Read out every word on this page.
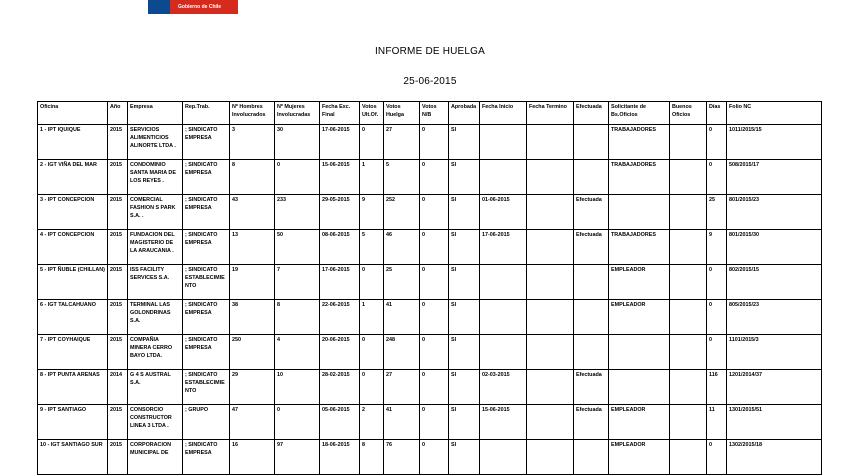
Gobierno de Chile
INFORME DE HUELGA
25-06-2015
Oficina	Año	Empresa	Rep.Trab.	Nº Hombres Involucrados	Nº Mujeres Involucradas	Fecha Exc. Final	Votos Ult.Of.	Votos Huelga	Votos N/B	Aprobada	Fecha Inicio	Fecha Termino	Efectuada	Solicitante de Bs.Oficios	Buenos Oficios	Días	Folio NC
1 - IPT IQUIQUE	2015	SERVICIOS ALIMENTICIOS ALINORTE LTDA .	; SINDICATO EMPRESA	3	30	17-06-2015	0	27	0	SI				TRABAJADORES		0	1011/2015/15
2 - IGT VIÑA DEL MAR	2015	CONDOMINIO SANTA MARIA DE LOS REYES .	; SINDICATO EMPRESA	8	0	15-06-2015	1	5	0	SI				TRABAJADORES		0	508/2015/17
3 - IPT CONCEPCION	2015	COMERCIAL FASHION S PARK S.A. .	; SINDICATO EMPRESA	43	233	29-05-2015	9	252	0	SI	01-06-2015		Efectuada			25	801/2015/23
4 - IPT CONCEPCION	2015	FUNDACION DEL MAGISTERIO DE LA ARAUCANIA .	; SINDICATO EMPRESA	13	50	08-06-2015	5	46	0	SI	17-06-2015		Efectuada	TRABAJADORES		9	801/2015/30
5 - IPT ÑUBLE (CHILLAN)	2015	ISS FACILITY SERVICES S.A.	; SINDICATO ESTABLECIMIENTO	19	7	17-06-2015	0	25	0	SI				EMPLEADOR		0	802/2015/15
6 - IGT TALCAHUANO	2015	TERMINAL LAS GOLONDRINAS S.A.	; SINDICATO EMPRESA	38	8	22-06-2015	1	41	0	SI				EMPLEADOR		0	805/2015/23
7 - IPT COYHAIQUE	2015	COMPAÑIA MINERA CERRO BAYO LTDA.	; SINDICATO EMPRESA	250	4	20-06-2015	0	248	0	SI						0	1101/2015/3
8 - IPT PUNTA ARENAS	2014	G 4 S AUSTRAL S.A.	; SINDICATO ESTABLECIMIENTO	29	10	28-02-2015	0	27	0	SI	02-03-2015		Efectuada			116	1201/2014/37
9 - IPT SANTIAGO	2015	CONSORCIO CONSTRUCTOR LINEA 3 LTDA .	; GRUPO	47	0	05-06-2015	2	41	0	SI	15-06-2015		Efectuada	EMPLEADOR		11	1301/2015/51
10 - IGT SANTIAGO SUR	2015	CORPORACION MUNICIPAL DE	; SINDICATO EMPRESA	16	97	18-06-2015	8	76	0	SI				EMPLEADOR		0	1302/2015/18
